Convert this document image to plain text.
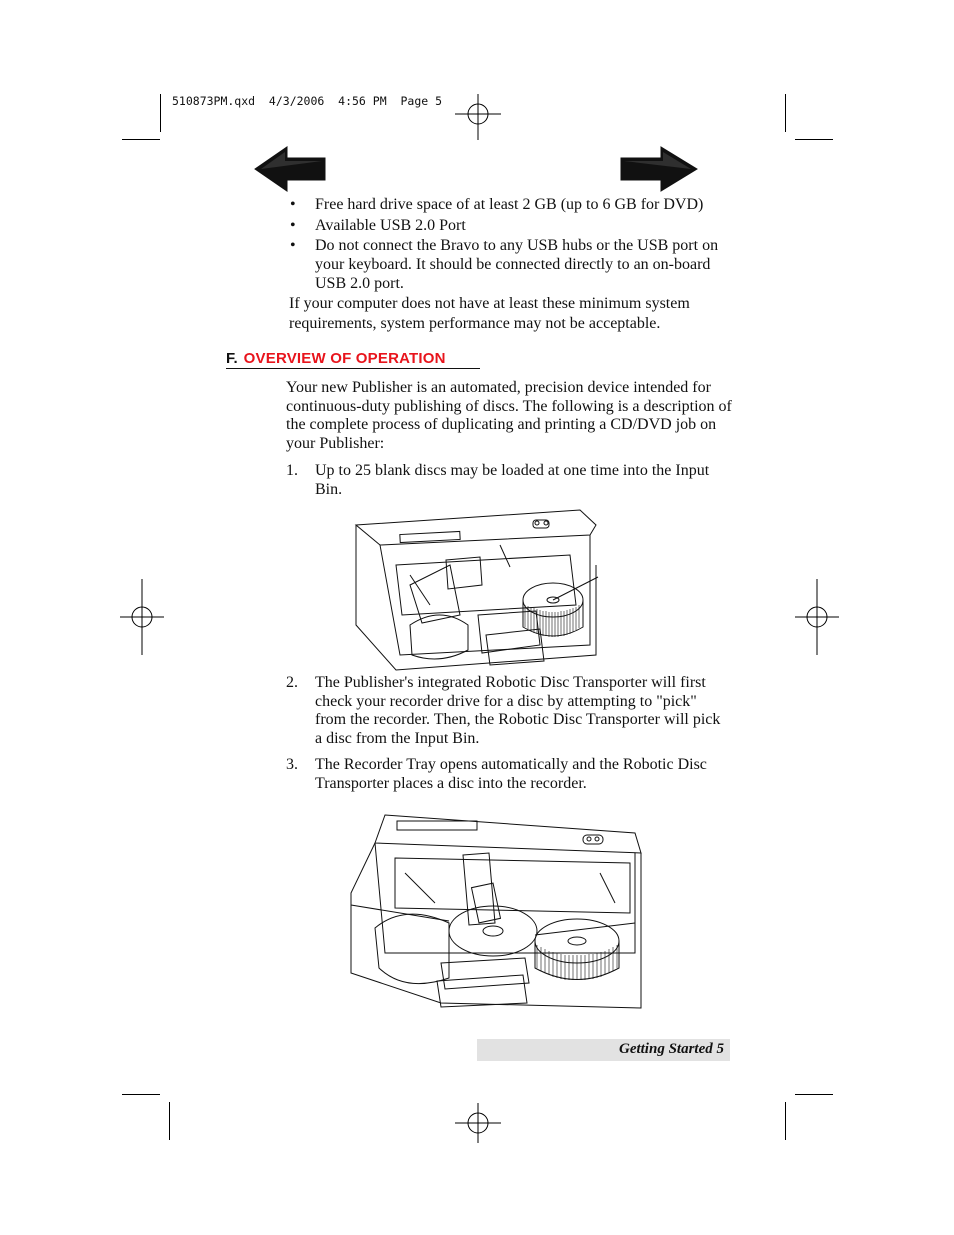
510873PM.qxd  4/3/2006  4:56 PM  Page 5
• Free hard drive space of at least 2 GB (up to 6 GB for DVD)
• Available USB 2.0 Port
• Do not connect the Bravo to any USB hubs or the USB port on your keyboard. It should be connected directly to an on-board USB 2.0 port.
If your computer does not have at least these minimum system requirements, system performance may not be acceptable.
F. OVERVIEW OF OPERATION
Your new Publisher is an automated, precision device intended for continuous-duty publishing of discs. The following is a description of the complete process of duplicating and printing a CD/DVD job on your Publisher:
1. Up to 25 blank discs may be loaded at one time into the Input Bin.
2. The Publisher's integrated Robotic Disc Transporter will first check your recorder drive for a disc by attempting to "pick" from the recorder. Then, the Robotic Disc Transporter will pick a disc from the Input Bin.
3. The Recorder Tray opens automatically and the Robotic Disc Transporter places a disc into the recorder.
Getting Started 5
